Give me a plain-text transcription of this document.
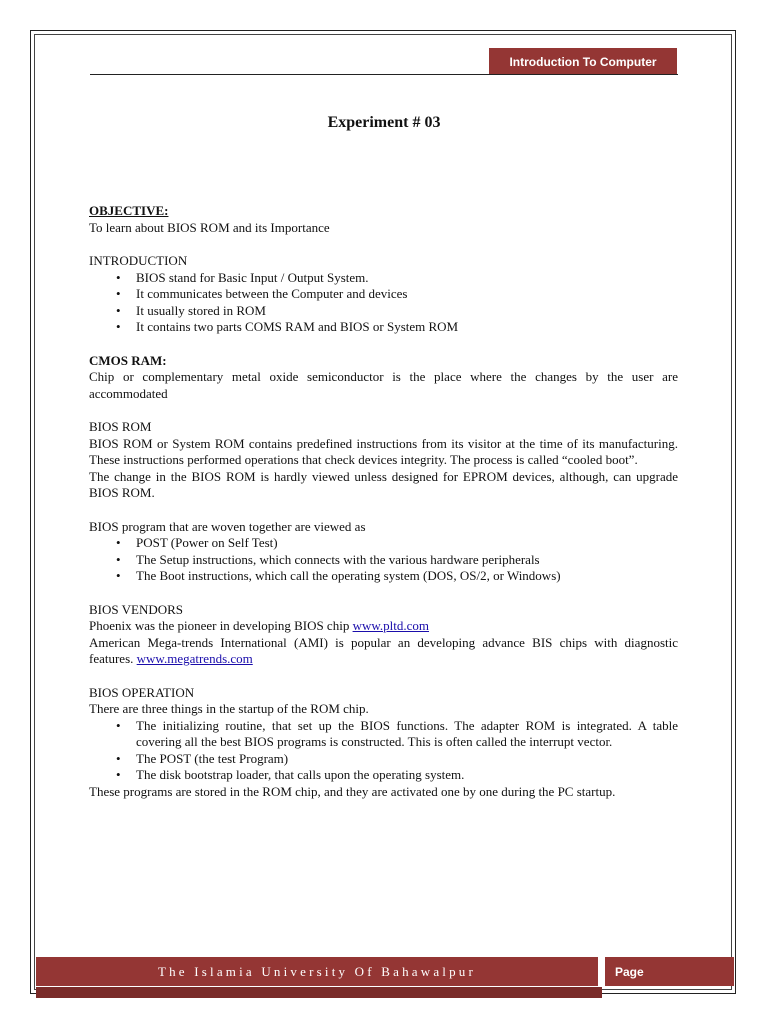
Introduction To Computer
Experiment # 03

OBJECTIVE:

To learn about BIOS ROM and its Importance

INTRODUCTION

• BIOS stand for Basic Input / Output System.
• It communicates between the Computer and devices
• It usually stored in ROM
• It contains two parts COMS RAM and BIOS or System ROM

CMOS RAM:

Chip or complementary metal oxide semiconductor is the place where the changes by the user are accommodated

BIOS ROM

BIOS ROM or System ROM contains predefined instructions from its visitor at the time of its manufacturing. These instructions performed operations that check devices integrity. The process is called “cooled boot”.

The change in the BIOS ROM is hardly viewed unless designed for EPROM devices, although, can upgrade BIOS ROM.

BIOS program that are woven together are viewed as

• POST (Power on Self Test)
• The Setup instructions, which connects with the various hardware peripherals
• The Boot instructions, which call the operating system (DOS, OS/2, or Windows)

BIOS VENDORS

Phoenix was the pioneer in developing BIOS chip www.pltd.com

American Mega-trends International (AMI) is popular an developing advance BIS chips with diagnostic features. www.megatrends.com

BIOS OPERATION

There are three things in the startup of the ROM chip.

• The initializing routine, that set up the BIOS functions. The adapter ROM is integrated. A table covering all the best BIOS programs is constructed. This is often called the interrupt vector.
• The POST (the test Program)
• The disk bootstrap loader, that calls upon the operating system.

These programs are stored in the ROM chip, and they are activated one by one during the PC startup.

The Islamia University Of Bahawalpur	Page
